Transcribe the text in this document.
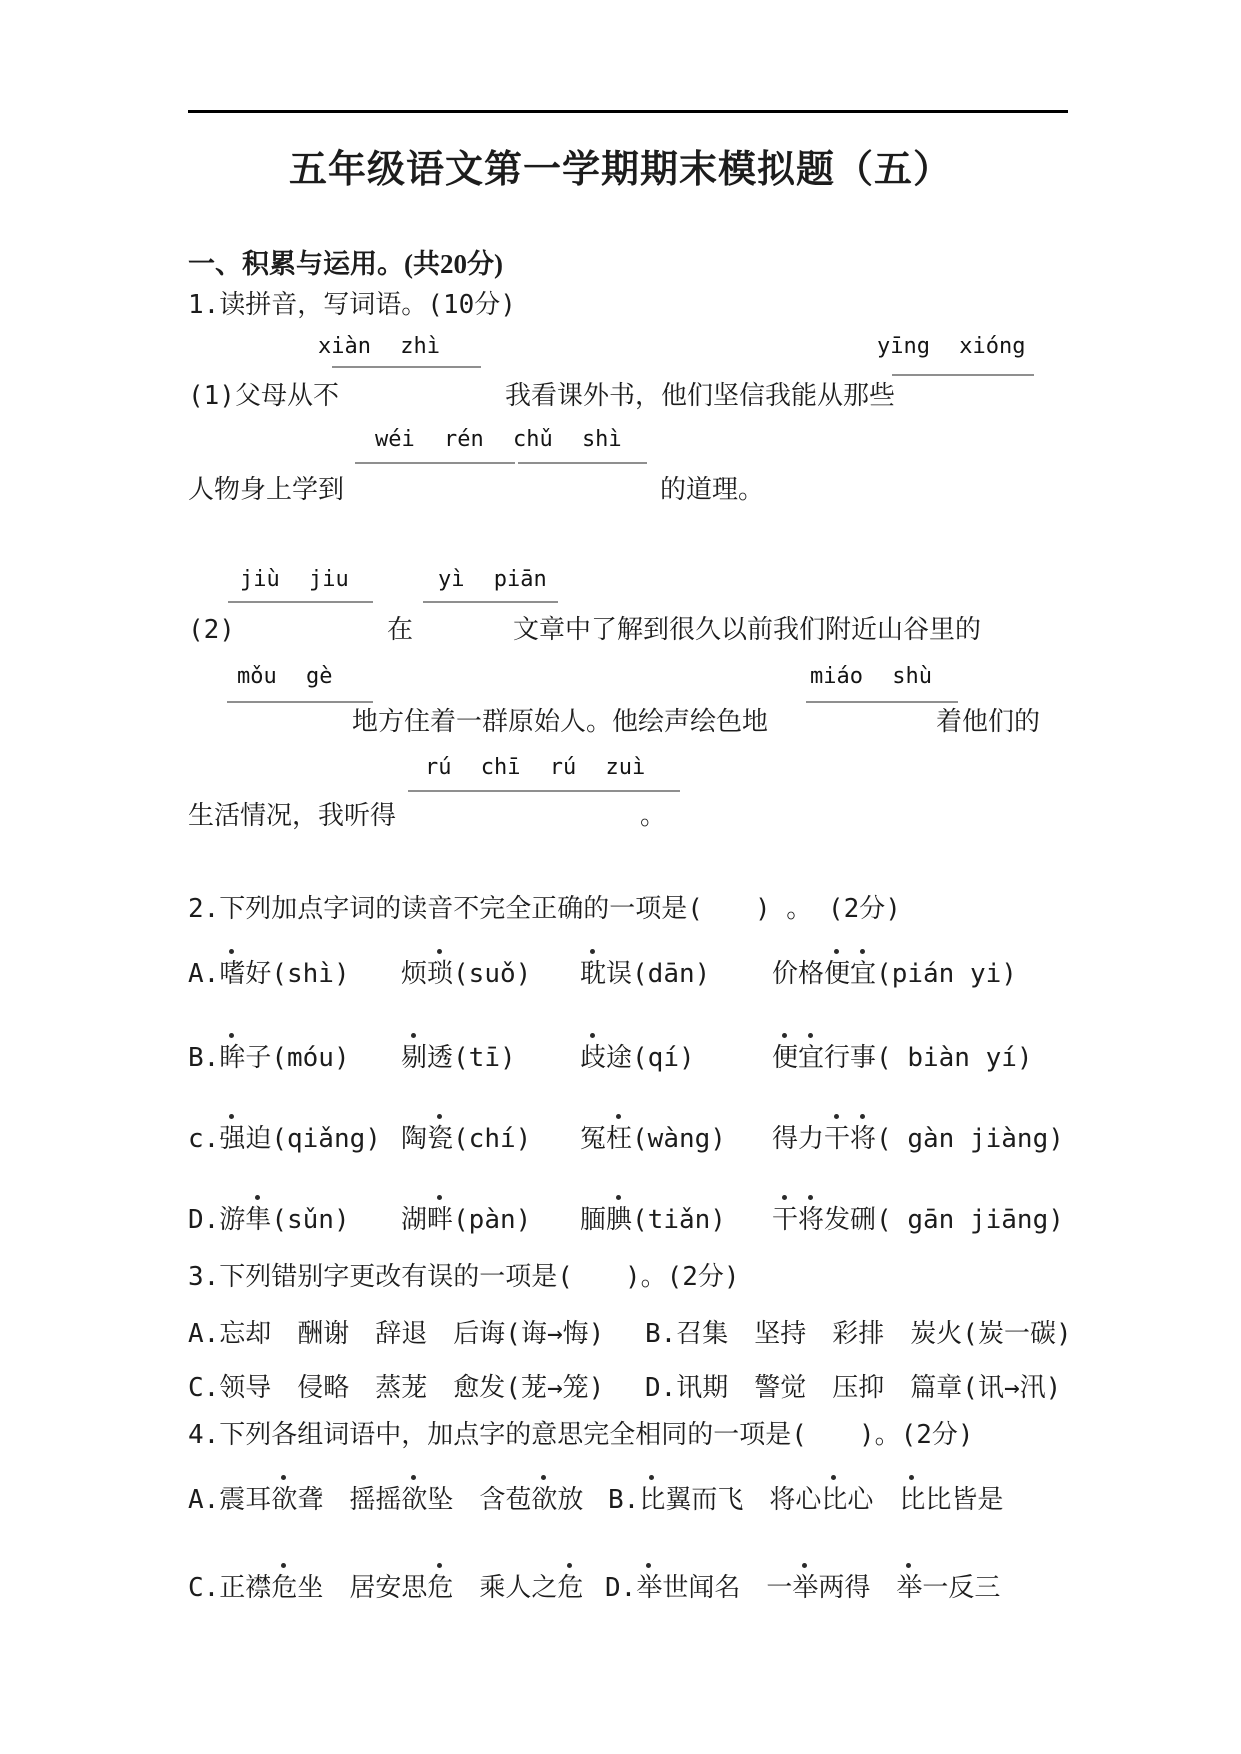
五年级语文第一学期期末模拟题（五）
一、积累与运用。(共20分)
1.读拼音，写词语。(10分)
xiàn zhì	yīng xióng
(1)父母从不	我看课外书，他们坚信我能从那些
wéi rén chǔ shì
人物身上学到	的道理。
jiù jiu	yì piān
(2)	在	文章中了解到很久以前我们附近山谷里的
mǒu gè	miáo shù
地方住着一群原始人。他绘声绘色地	着他们的
rú chī rú zuì
生活情况，我听得	。
2.下列加点字词的读音不完全正确的一项是(　　) 。 (2分)
A.嗜好(shì) 烦琐(suǒ) 耽误(dān) 价格便宜(pián yi)
B.眸子(móu) 剔透(tī) 歧途(qí)	便宜行事( biàn yí)
c.强迫(qiǎng) 陶瓷(chí) 冤枉(wàng) 得力干将( gàn jiàng)
D.游隼(sǔn) 湖畔(pàn) 腼腆(tiǎn) 干将发硎( gān jiāng)
3.下列错别字更改有误的一项是(　　)。(2分)
A.忘却　酬谢　辞退　后诲(诲→悔) B.召集　坚持　彩排　炭火(炭一碳)
C.领导　侵略　蒸茏　愈发(茏→笼) D.讯期　警觉　压抑　篇章(讯→汛)
4.下列各组词语中，加点字的意思完全相同的一项是(　　)。(2分)
A.震耳欲聋　摇摇欲坠　含苞欲放 B.比翼而飞　将心比心　比比皆是
C.正襟危坐　居安思危　乘人之危 D.举世闻名　一举两得　举一反三
